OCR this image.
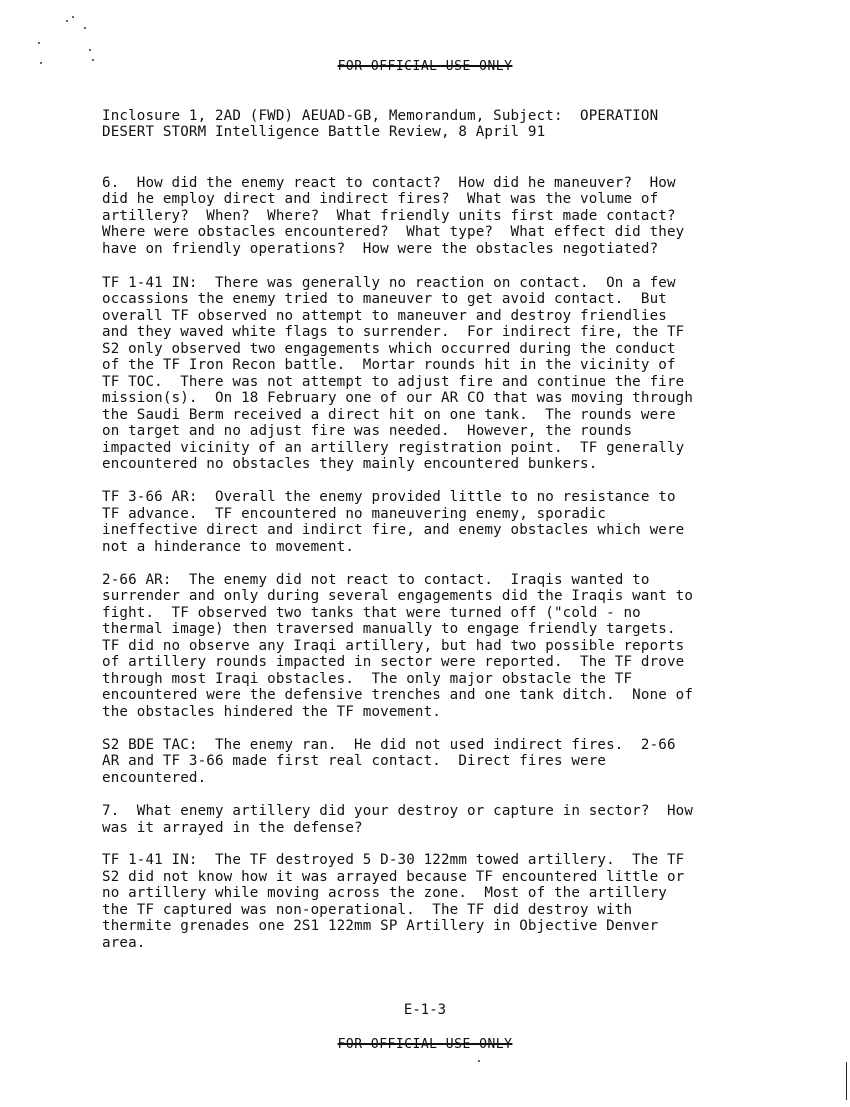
FOR OFFICIAL USE ONLY
Inclosure 1, 2AD (FWD) AEUAD-GB, Memorandum, Subject:  OPERATION
DESERT STORM Intelligence Battle Review, 8 April 91
6.  How did the enemy react to contact?  How did he maneuver?  How
did he employ direct and indirect fires?  What was the volume of
artillery?  When?  Where?  What friendly units first made contact?
Where were obstacles encountered?  What type?  What effect did they
have on friendly operations?  How were the obstacles negotiated?
TF 1-41 IN:  There was generally no reaction on contact.  On a few
occassions the enemy tried to maneuver to get avoid contact.  But
overall TF observed no attempt to maneuver and destroy friendlies
and they waved white flags to surrender.  For indirect fire, the TF
S2 only observed two engagements which occurred during the conduct
of the TF Iron Recon battle.  Mortar rounds hit in the vicinity of
TF TOC.  There was not attempt to adjust fire and continue the fire
mission(s).  On 18 February one of our AR CO that was moving through
the Saudi Berm received a direct hit on one tank.  The rounds were
on target and no adjust fire was needed.  However, the rounds
impacted vicinity of an artillery registration point.  TF generally
encountered no obstacles they mainly encountered bunkers.
TF 3-66 AR:  Overall the enemy provided little to no resistance to
TF advance.  TF encountered no maneuvering enemy, sporadic
ineffective direct and indirct fire, and enemy obstacles which were
not a hinderance to movement.
2-66 AR:  The enemy did not react to contact.  Iraqis wanted to
surrender and only during several engagements did the Iraqis want to
fight.  TF observed two tanks that were turned off ("cold - no
thermal image) then traversed manually to engage friendly targets.
TF did no observe any Iraqi artillery, but had two possible reports
of artillery rounds impacted in sector were reported.  The TF drove
through most Iraqi obstacles.  The only major obstacle the TF
encountered were the defensive trenches and one tank ditch.  None of
the obstacles hindered the TF movement.
S2 BDE TAC:  The enemy ran.  He did not used indirect fires.  2-66
AR and TF 3-66 made first real contact.  Direct fires were
encountered.
7.  What enemy artillery did your destroy or capture in sector?  How
was it arrayed in the defense?
TF 1-41 IN:  The TF destroyed 5 D-30 122mm towed artillery.  The TF
S2 did not know how it was arrayed because TF encountered little or
no artillery while moving across the zone.  Most of the artillery
the TF captured was non-operational.  The TF did destroy with
thermite grenades one 2S1 122mm SP Artillery in Objective Denver
area.
E-1-3
FOR OFFICIAL USE ONLY
